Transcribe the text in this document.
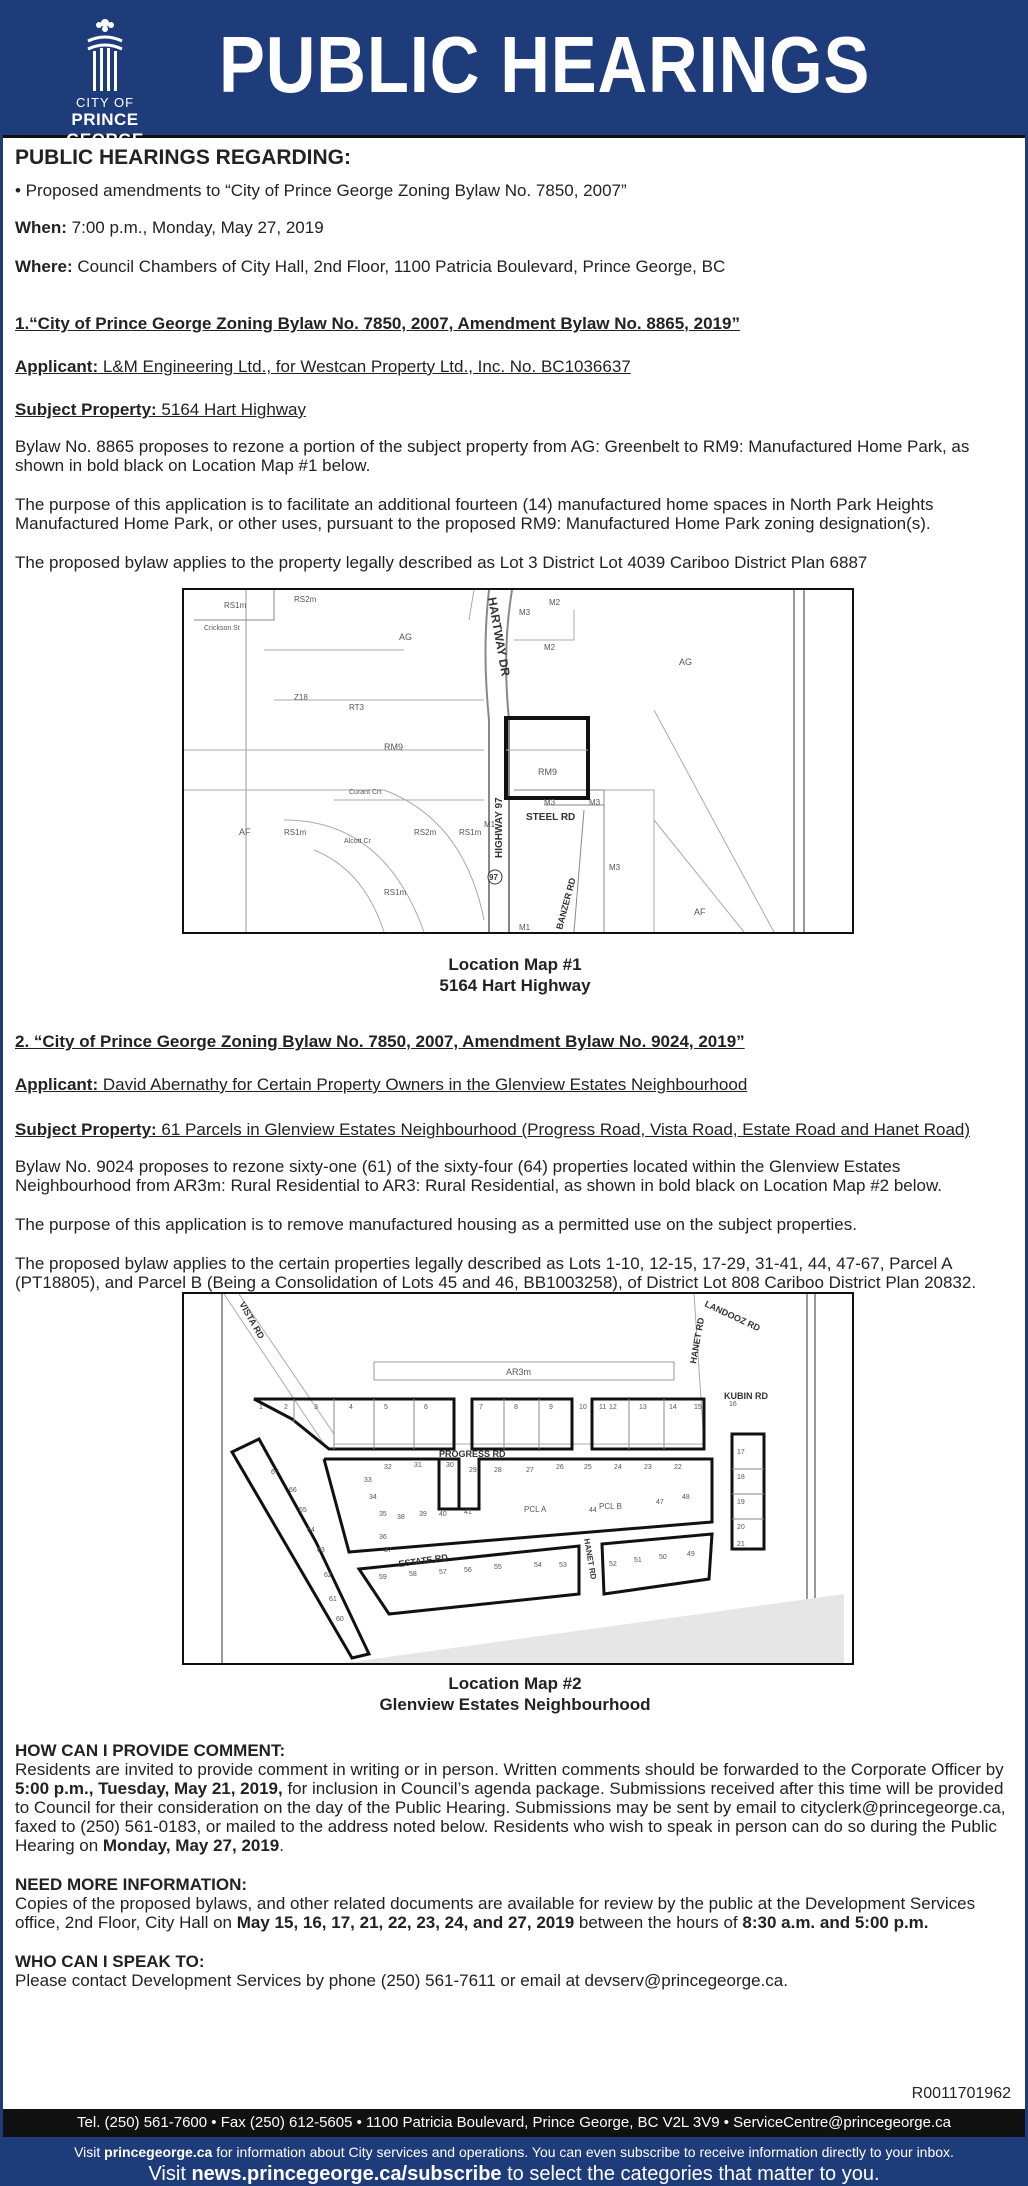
CITY OF
PRINCE GEORGE
PUBLIC HEARINGS
PUBLIC HEARINGS REGARDING:

• Proposed amendments to “City of Prince George Zoning Bylaw No. 7850, 2007”

When: 7:00 p.m., Monday, May 27, 2019

Where: Council Chambers of City Hall, 2nd Floor, 1100 Patricia Boulevard, Prince George, BC

1.“City of Prince George Zoning Bylaw No. 7850, 2007, Amendment Bylaw No. 8865, 2019”

Applicant: L&M Engineering Ltd., for Westcan Property Ltd., Inc. No. BC1036637

Subject Property: 5164 Hart Highway

Bylaw No. 8865 proposes to rezone a portion of the subject property from AG: Greenbelt to RM9: Manufactured Home Park, as shown in bold black on Location Map #1 below.

The purpose of this application is to facilitate an additional fourteen (14) manufactured home spaces in North Park Heights Manufactured Home Park, or other uses, pursuant to the proposed RM9: Manufactured Home Park zoning designation(s).

The proposed bylaw applies to the property legally described as Lot 3 District Lot 4039 Cariboo District Plan 6887

RM9
RM9
AG
AG
AF
AF
RS1m
RS1m
RS1m
RS1m
RS2m
RS2m
Z18
RT3
M1
M1
M2
M2
M3
M3	M3
M3
Crickson St
Curant Crt
Alcott Cr
HARTWAY DR
HIGHWAY 97 STEEL RD
BANZER RD
97
Location Map #1
5164 Hart Highway

2. “City of Prince George Zoning Bylaw No. 7850, 2007, Amendment Bylaw No. 9024, 2019”

Applicant: David Abernathy for Certain Property Owners in the Glenview Estates Neighbourhood

Subject Property: 61 Parcels in Glenview Estates Neighbourhood (Progress Road, Vista Road, Estate Road and Hanet Road)

Bylaw No. 9024 proposes to rezone sixty-one (61) of the sixty-four (64) properties located within the Glenview Estates Neighbourhood from AR3m: Rural Residential to AR3: Rural Residential, as shown in bold black on Location Map #2 below.

The purpose of this application is to remove manufactured housing as a permitted use on the subject properties.

The proposed bylaw applies to the certain properties legally described as Lots 1-10, 12-15, 17-29, 31-41, 44, 47-67, Parcel A (PT18805), and Parcel B (Being a Consolidation of Lots 45 and 46, BB1003258), of District Lot 808 Cariboo District Plan 20832.

AR3m
VISTA RD	HANET RD
LANDOOZ RD
KUBIN RD
PROGRESS RD
ESTATE RD	HANET RD
PCL A	PCL B
1	2	3	4	5	6	7	8	9	10 11 12	13	14 15	16
32	31	30
29 28	27	26	25	24	23	22
35 38 39 40 41
59	58	57 56	55	54 53	52
51 50	49
67
66
65
64
63
62
61
60
17
18
19
20
21
33
34
36
37
44
47
48
Location Map #2
Glenview Estates Neighbourhood
HOW CAN I PROVIDE COMMENT:
Residents are invited to provide comment in writing or in person. Written comments should be forwarded to the Corporate Officer by 5:00 p.m., Tuesday, May 21, 2019, for inclusion in Council’s agenda package. Submissions received after this time will be provided to Council for their consideration on the day of the Public Hearing. Submissions may be sent by email to cityclerk@princegeorge.ca, faxed to (250) 561-0183, or mailed to the address noted below. Residents who wish to speak in person can do so during the Public Hearing on Monday, May 27, 2019.
NEED MORE INFORMATION:
Copies of the proposed bylaws, and other related documents are available for review by the public at the Development Services office, 2nd Floor, City Hall on May 15, 16, 17, 21, 22, 23, 24, and 27, 2019 between the hours of 8:30 a.m. and 5:00 p.m.
WHO CAN I SPEAK TO:
Please contact Development Services by phone (250) 561-7611 or email at devserv@princegeorge.ca.
R0011701962
Tel. (250) 561-7600 • Fax (250) 612-5605 • 1100 Patricia Boulevard, Prince George, BC V2L 3V9 • ServiceCentre@princegeorge.ca
Visit princegeorge.ca for information about City services and operations. You can even subscribe to receive information directly to your inbox.
Visit news.princegeorge.ca/subscribe to select the categories that matter to you.
